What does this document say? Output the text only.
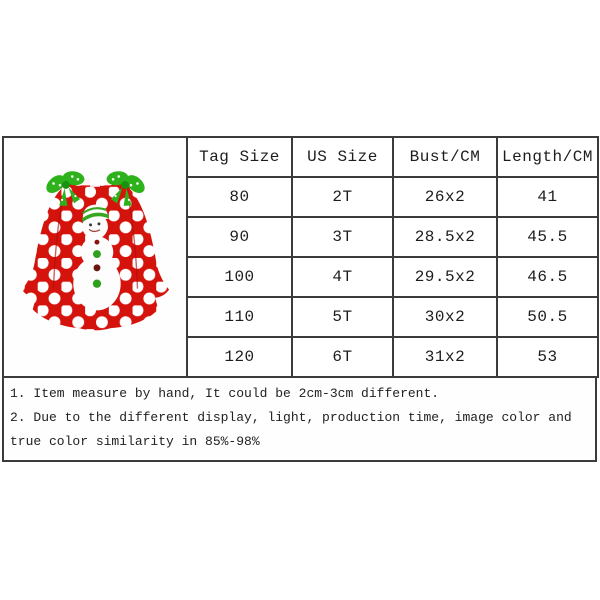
	Tag Size	US Size	Bust/CM	Length/CM
	80	2T	26x2	41
	90	3T	28.5x2	45.5
	100	4T	29.5x2	46.5
	110	5T	30x2	50.5
	120	6T	31x2	53
1. Item measure by hand, It could be 2cm-3cm different.
2. Due to the different display, light, production time, image color and
true color similarity in 85%-98%
